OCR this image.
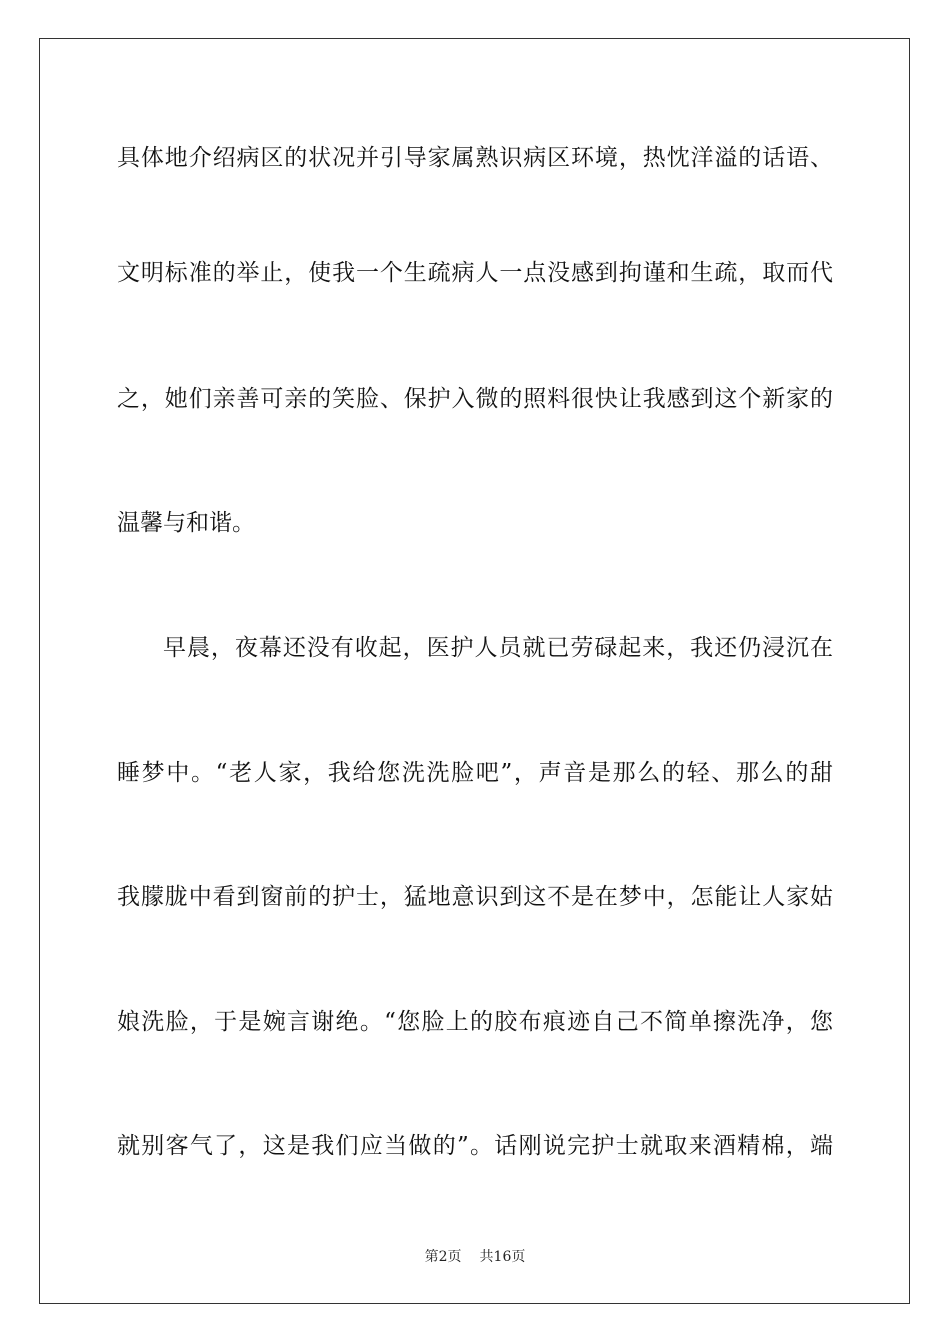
具体地介绍病区的状况并引导家属熟识病区环境，热忱洋溢的话语、
文明标准的举止，使我一个生疏病人一点没感到拘谨和生疏，取而代
之，她们亲善可亲的笑脸、保护入微的照料很快让我感到这个新家的
温馨与和谐。
早晨，夜幕还没有收起，医护人员就已劳碌起来，我还仍浸沉在
睡梦中。“老人家，我给您洗洗脸吧”，声音是那么的轻、那么的甜
我朦胧中看到窗前的护士，猛地意识到这不是在梦中，怎能让人家姑
娘洗脸，于是婉言谢绝。“您脸上的胶布痕迹自己不简单擦洗净，您
就别客气了，这是我们应当做的”。话刚说完护士就取来酒精棉，端
第2页 共16页
